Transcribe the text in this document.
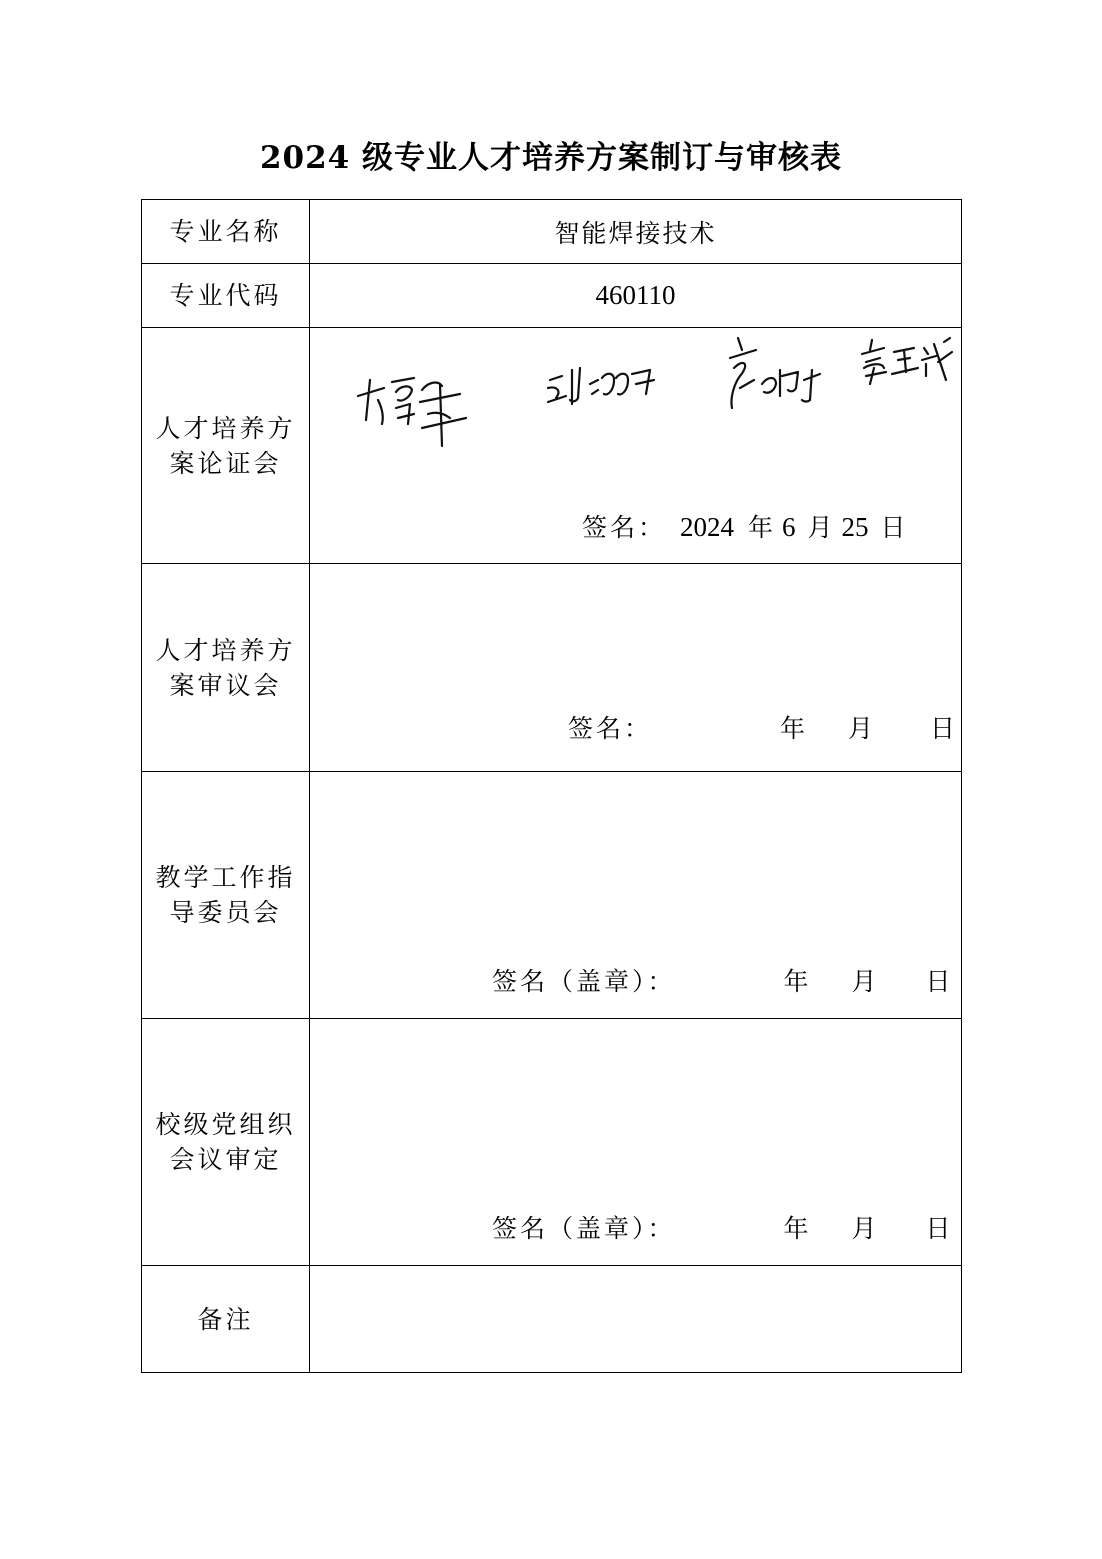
2024 级专业人才培养方案制订与审核表
专业名称	智能焊接技术
专业代码	460110

人才培养方
案论证会	签名： 2024 年 6 月 25 日

人才培养方
案审议会	签名： 年 月 日

教学工作指
导委员会	签名（盖章）： 年 月 日

校级党组织
会议审定	签名（盖章）： 年 月 日

备注	
